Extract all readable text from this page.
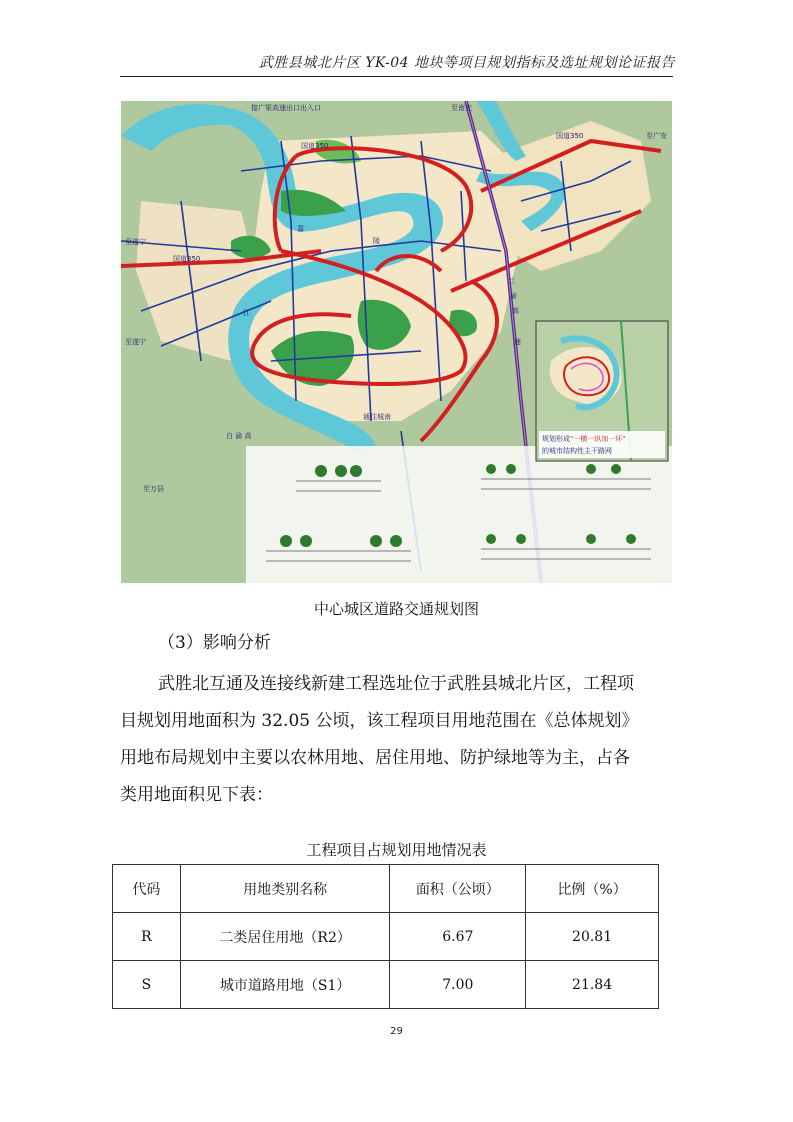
武胜县城北片区 YK-04 地块等项目规划指标及选址规划论证报告
接广渠高速出口出入口	至南充
至广安
国道350
国道350
国道350
至遂宁
至遂宁
至万县
白 渝 高
嘉
陵
江
兰
渝
高
速
通往城南
规划形成"一横一纵加一环"
的城市结构性主干路网
中心城区道路交通规划图
（3）影响分析

武胜北互通及连接线新建工程选址位于武胜县城北片区，工程项
目规划用地面积为 32.05 公顷，该工程项目用地范围在《总体规划》
用地布局规划中主要以农林用地、居住用地、防护绿地等为主，占各
类用地面积见下表：

工程项目占规划用地情况表
代码	用地类别名称	面积（公顷）	比例（%）
R	二类居住用地（R2）	6.67	20.81
S	城市道路用地（S1）	7.00	21.84
29
